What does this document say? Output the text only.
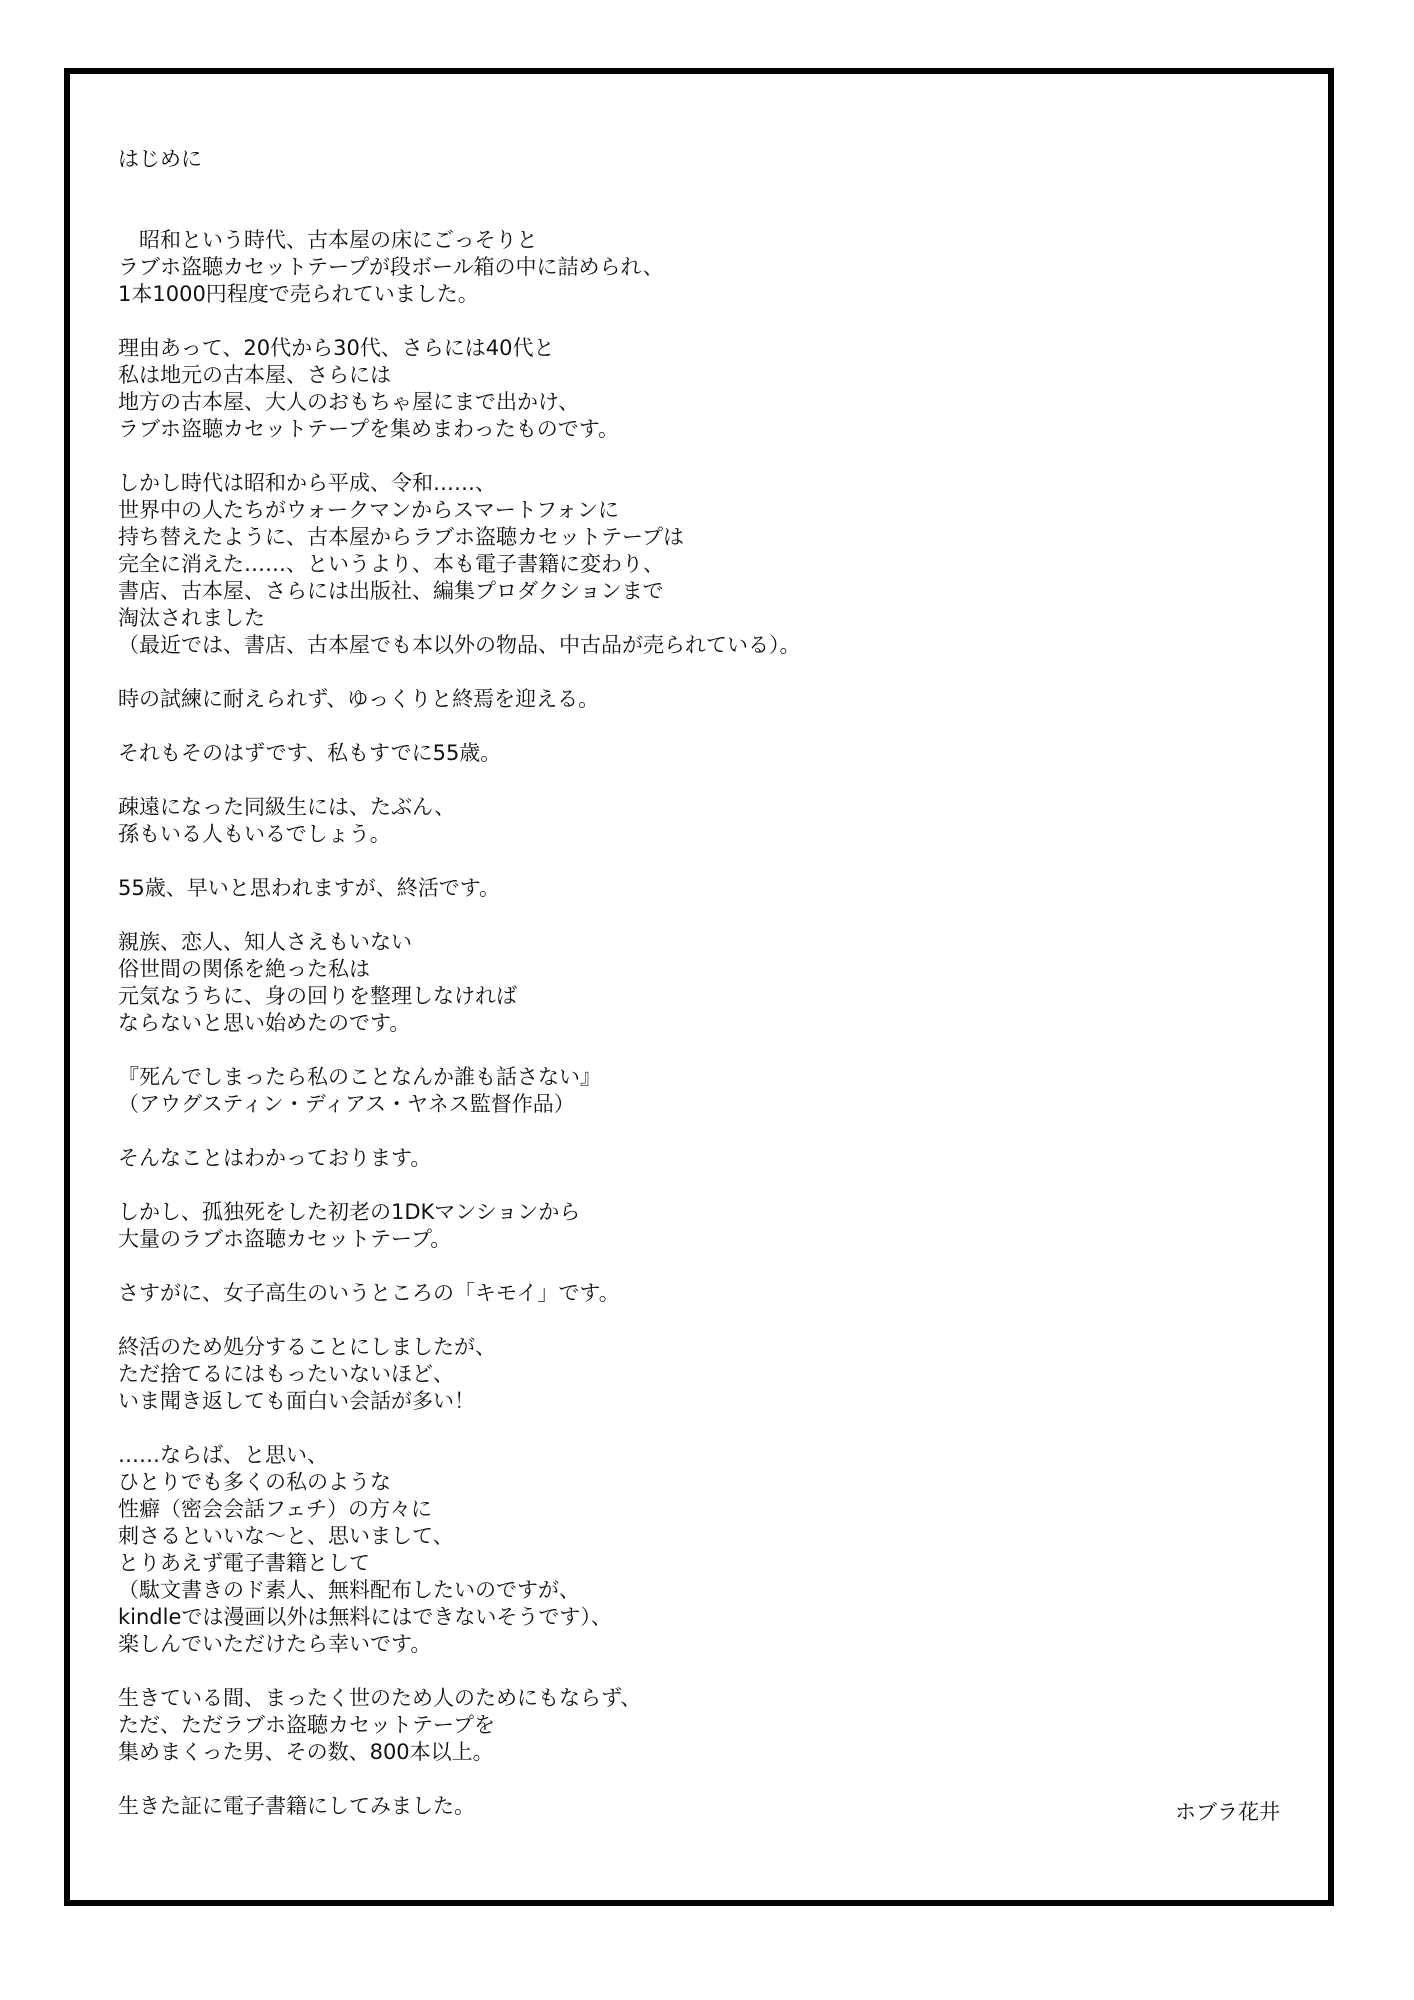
はじめに
　昭和という時代、古本屋の床にごっそりと
ラブホ盗聴カセットテープが段ボール箱の中に詰められ、
1本1000円程度で売られていました。
理由あって、20代から30代、さらには40代と
私は地元の古本屋、さらには
地方の古本屋、大人のおもちゃ屋にまで出かけ、
ラブホ盗聴カセットテープを集めまわったものです。
しかし時代は昭和から平成、令和……、
世界中の人たちがウォークマンからスマートフォンに
持ち替えたように、古本屋からラブホ盗聴カセットテープは
完全に消えた……、というより、本も電子書籍に変わり、
書店、古本屋、さらには出版社、編集プロダクションまで
淘汰されました
（最近では、書店、古本屋でも本以外の物品、中古品が売られている）。
時の試練に耐えられず、ゆっくりと終焉を迎える。
それもそのはずです、私もすでに55歳。
疎遠になった同級生には、たぶん、
孫もいる人もいるでしょう。
55歳、早いと思われますが、終活です。
親族、恋人、知人さえもいない
俗世間の関係を絶った私は
元気なうちに、身の回りを整理しなければ
ならないと思い始めたのです。
『死んでしまったら私のことなんか誰も話さない』
（アウグスティン・ディアス・ヤネス監督作品）
そんなことはわかっております。
しかし、孤独死をした初老の1DKマンションから
大量のラブホ盗聴カセットテープ。
さすがに、女子高生のいうところの「キモイ」です。
終活のため処分することにしましたが、
ただ捨てるにはもったいないほど、
いま聞き返しても面白い会話が多い！
……ならば、と思い、
ひとりでも多くの私のような
性癖（密会会話フェチ）の方々に
刺さるといいな〜と、思いまして、
とりあえず電子書籍として
（駄文書きのド素人、無料配布したいのですが、
kindleでは漫画以外は無料にはできないそうです）、
楽しんでいただけたら幸いです。
生きている間、まったく世のため人のためにもならず、
ただ、ただラブホ盗聴カセットテープを
集めまくった男、その数、800本以上。
生きた証に電子書籍にしてみました。	ホブラ花井
